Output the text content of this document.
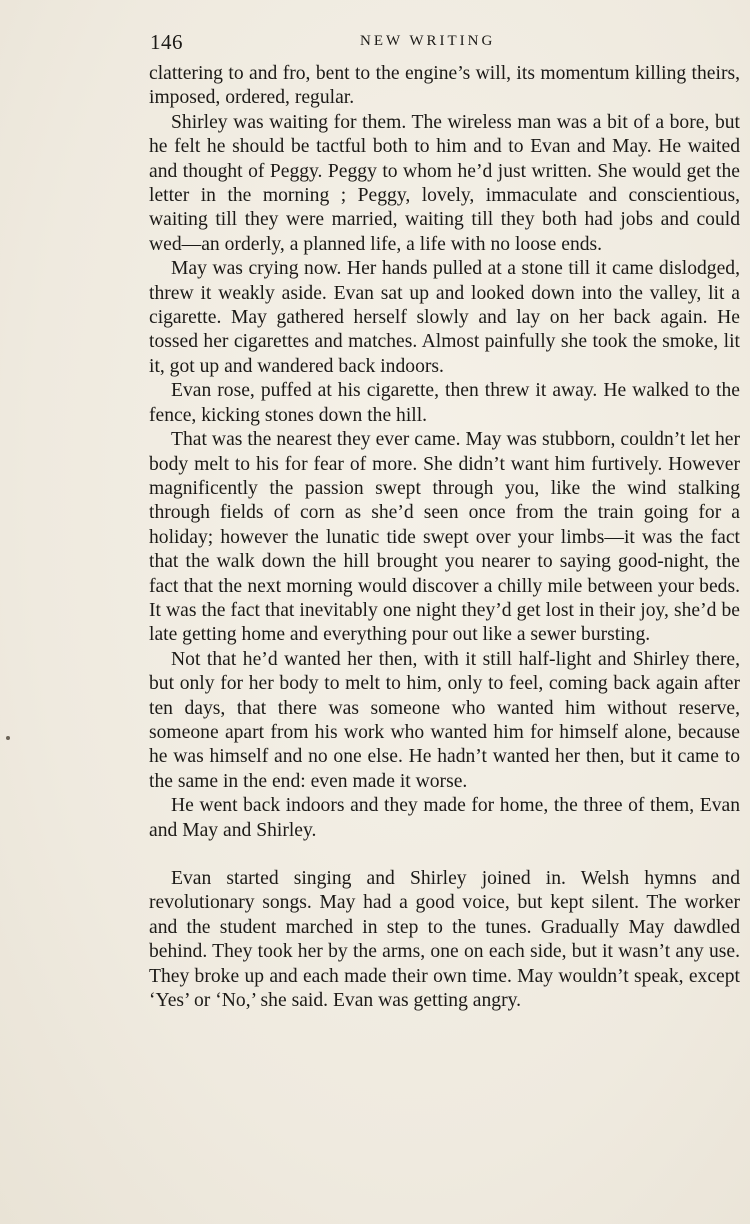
146	NEW WRITING

clattering to and fro, bent to the engine’s will, its momentum killing theirs, imposed, ordered, regular.

Shirley was waiting for them. The wireless man was a bit of a bore, but he felt he should be tactful both to him and to Evan and May. He waited and thought of Peggy. Peggy to whom he’d just written. She would get the letter in the morning ; Peggy, lovely, immaculate and conscientious, waiting till they were married, waiting till they both had jobs and could wed—an orderly, a planned life, a life with no loose ends.

May was crying now. Her hands pulled at a stone till it came dislodged, threw it weakly aside. Evan sat up and looked down into the valley, lit a cigarette. May gathered herself slowly and lay on her back again. He tossed her cigarettes and matches. Almost painfully she took the smoke, lit it, got up and wandered back indoors.

Evan rose, puffed at his cigarette, then threw it away. He walked to the fence, kicking stones down the hill.

That was the nearest they ever came. May was stubborn, couldn’t let her body melt to his for fear of more. She didn’t want him furtively. However magnificently the passion swept through you, like the wind stalking through fields of corn as she’d seen once from the train going for a holiday; however the lunatic tide swept over your limbs—it was the fact that the walk down the hill brought you nearer to saying good-night, the fact that the next morning would discover a chilly mile between your beds. It was the fact that inevitably one night they’d get lost in their joy, she’d be late getting home and everything pour out like a sewer bursting.

Not that he’d wanted her then, with it still half-light and Shirley there, but only for her body to melt to him, only to feel, coming back again after ten days, that there was someone who wanted him without reserve, someone apart from his work who wanted him for himself alone, because he was himself and no one else. He hadn’t wanted her then, but it came to the same in the end: even made it worse.

He went back indoors and they made for home, the three of them, Evan and May and Shirley.

Evan started singing and Shirley joined in. Welsh hymns and revolutionary songs. May had a good voice, but kept silent. The worker and the student marched in step to the tunes. Gradually May dawdled behind. They took her by the arms, one on each side, but it wasn’t any use. They broke up and each made their own time. May wouldn’t speak, except ‘Yes’ or ‘No,’ she said. Evan was getting angry.
